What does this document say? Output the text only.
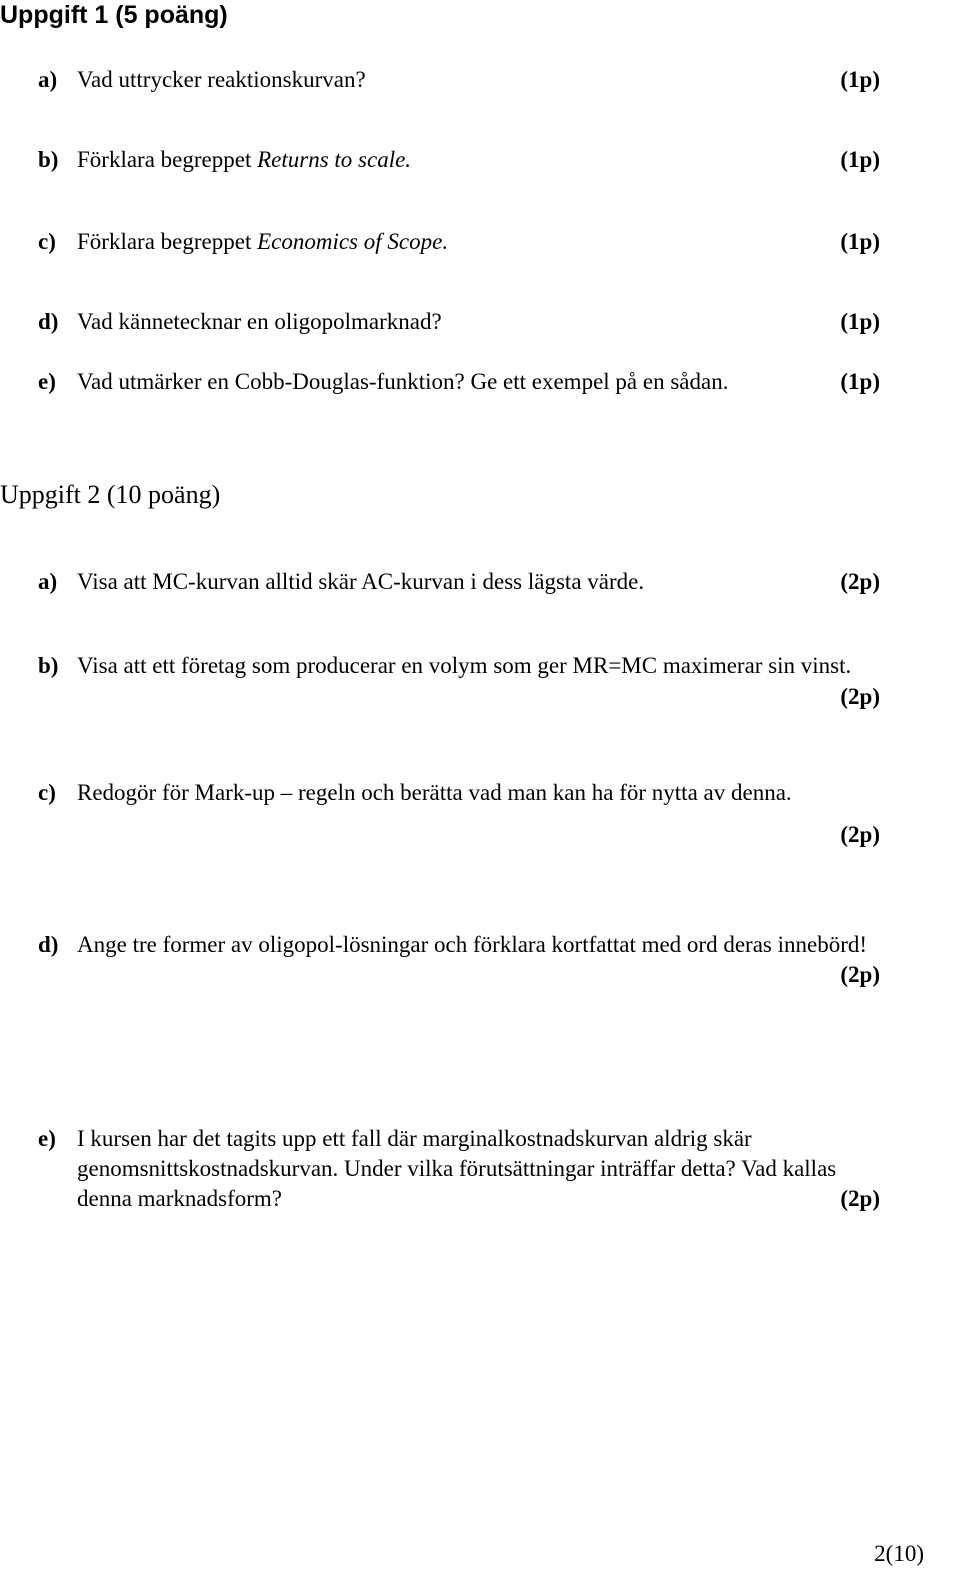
Uppgift 1 (5 poäng)
a) Vad uttrycker reaktionskurvan?	(1p)
b) Förklara begreppet Returns to scale.	(1p)
c) Förklara begreppet Economics of Scope.	(1p)
d) Vad kännetecknar en oligopolmarknad?	(1p)
e) Vad utmärker en Cobb-Douglas-funktion? Ge ett exempel på en sådan.	(1p)
Uppgift 2 (10 poäng)
a) Visa att MC-kurvan alltid skär AC-kurvan i dess lägsta värde.	(2p)
b) Visa att ett företag som producerar en volym som ger MR=MC maximerar sin vinst.
(2p)
c) Redogör för Mark-up – regeln och berätta vad man kan ha för nytta av denna.
(2p)
d) Ange tre former av oligopol-lösningar och förklara kortfattat med ord deras innebörd!
(2p)
e) I kursen har det tagits upp ett fall där marginalkostnadskurvan aldrig skär
genomsnittskostnadskurvan. Under vilka förutsättningar inträffar detta? Vad kallas
denna marknadsform?	(2p)
2(10)
